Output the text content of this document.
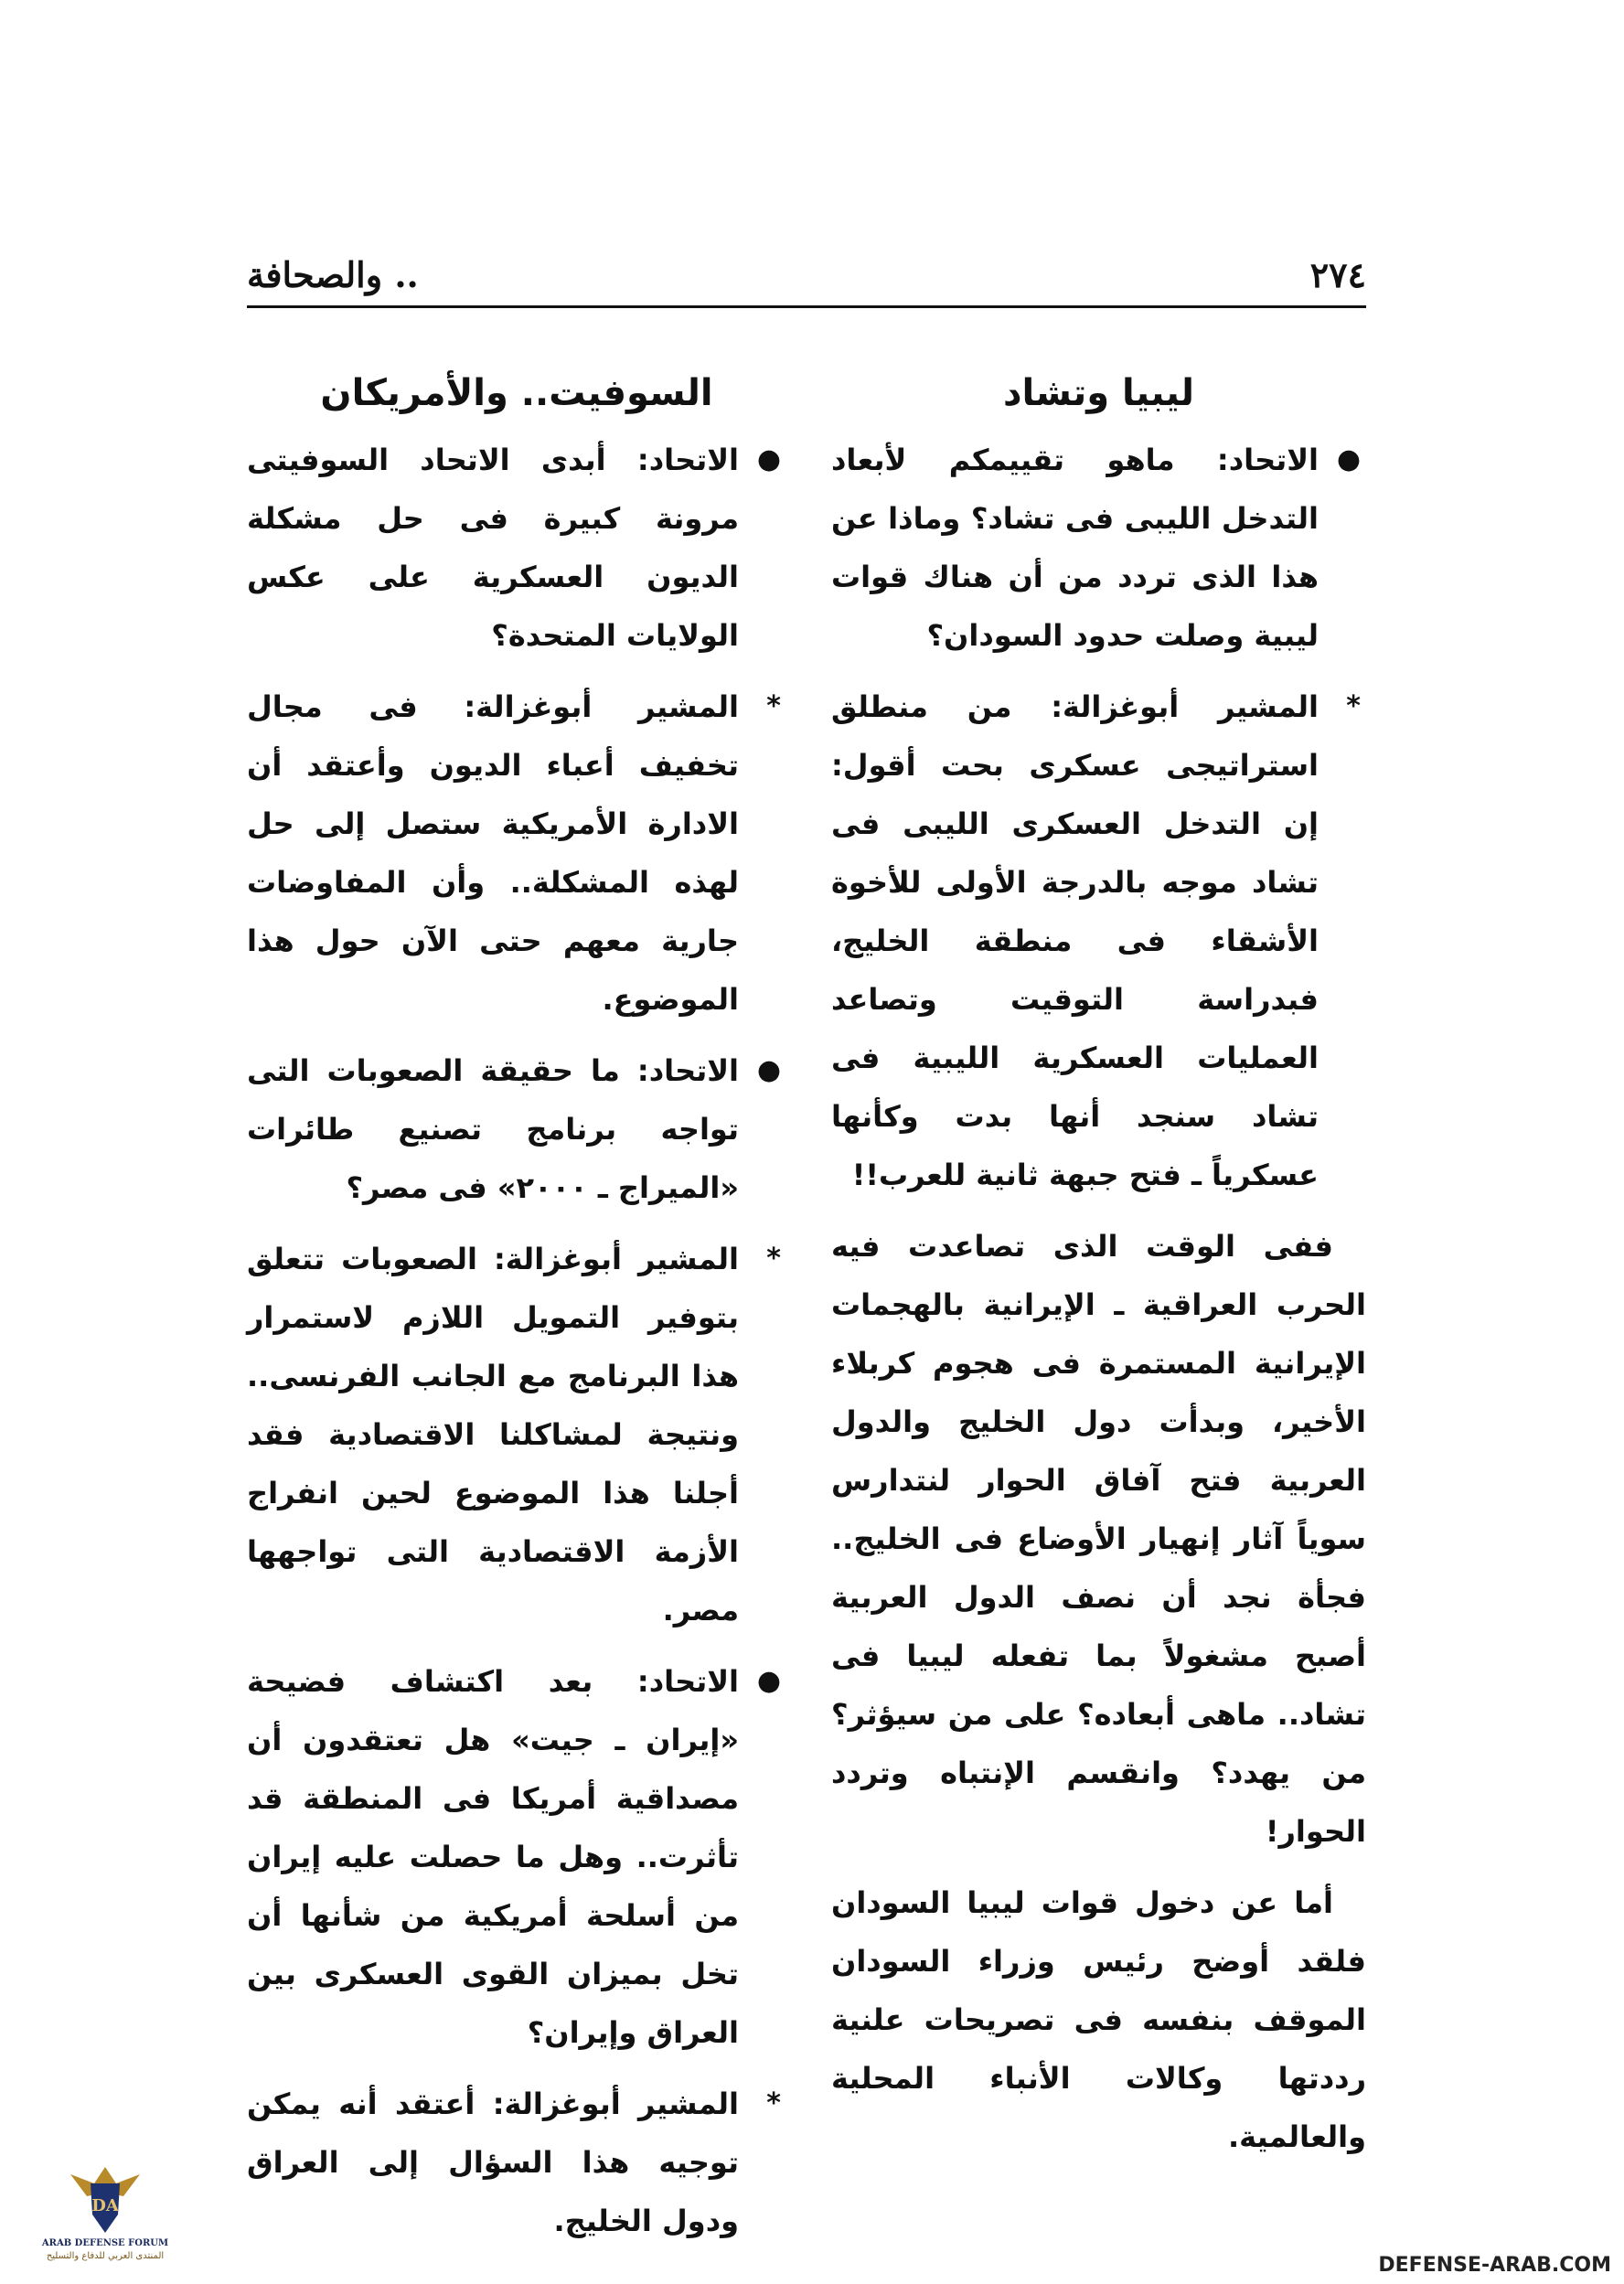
٢٧٤
.. والصحافة
ليبيا وتشاد
●
الاتحاد: ماهو تقييمكم لأبعاد التدخل الليبى فى تشاد؟ وماذا عن هذا الذى تردد من أن هناك قوات ليبية وصلت حدود السودان؟
*
المشير أبوغزالة: من منطلق استراتيجى عسكرى بحت أقول: إن التدخل العسكرى الليبى فى تشاد موجه بالدرجة الأولى للأخوة الأشقاء فى منطقة الخليج، فبدراسة التوقيت وتصاعد العمليات العسكرية الليبية فى تشاد سنجد أنها بدت وكأنها عسكرياً ـ فتح جبهة ثانية للعرب!!
ففى الوقت الذى تصاعدت فيه الحرب العراقية ـ الإيرانية بالهجمات الإيرانية المستمرة فى هجوم كربلاء الأخير، وبدأت دول الخليج والدول العربية فتح آفاق الحوار لنتدارس سوياً آثار إنهيار الأوضاع فى الخليج.. فجأة نجد أن نصف الدول العربية أصبح مشغولاً بما تفعله ليبيا فى تشاد.. ماهى أبعاده؟ على من سيؤثر؟ من يهدد؟ وانقسم الإنتباه وتردد الحوار!
أما عن دخول قوات ليبيا السودان فلقد أوضح رئيس وزراء السودان الموقف بنفسه فى تصريحات علنية رددتها وكالات الأنباء المحلية والعالمية.
السوفيت.. والأمريكان
●
الاتحاد: أبدى الاتحاد السوفيتى مرونة كبيرة فى حل مشكلة الديون العسكرية على عكس الولايات المتحدة؟
*
المشير أبوغزالة: فى مجال تخفيف أعباء الديون وأعتقد أن الادارة الأمريكية ستصل إلى حل لهذه المشكلة.. وأن المفاوضات جارية معهم حتى الآن حول هذا الموضوع.
●
الاتحاد: ما حقيقة الصعوبات التى تواجه برنامج تصنيع طائرات «الميراج ـ ٢٠٠٠» فى مصر؟
*
المشير أبوغزالة: الصعوبات تتعلق بتوفير التمويل اللازم لاستمرار هذا البرنامج مع الجانب الفرنسى.. ونتيجة لمشاكلنا الاقتصادية فقد أجلنا هذا الموضوع لحين انفراج الأزمة الاقتصادية التى تواجهها مصر.
●
الاتحاد: بعد اكتشاف فضيحة «إيران ـ جيت» هل تعتقدون أن مصداقية أمريكا فى المنطقة قد تأثرت.. وهل ما حصلت عليه إيران من أسلحة أمريكية من شأنها أن تخل بميزان القوى العسكرى بين العراق وإيران؟
*
المشير أبوغزالة: أعتقد أنه يمكن توجيه هذا السؤال إلى العراق ودول الخليج.
DA
ARAB DEFENSE FORUM
المنتدى العربي للدفاع والتسليح	DEFENSE-ARAB.COM
